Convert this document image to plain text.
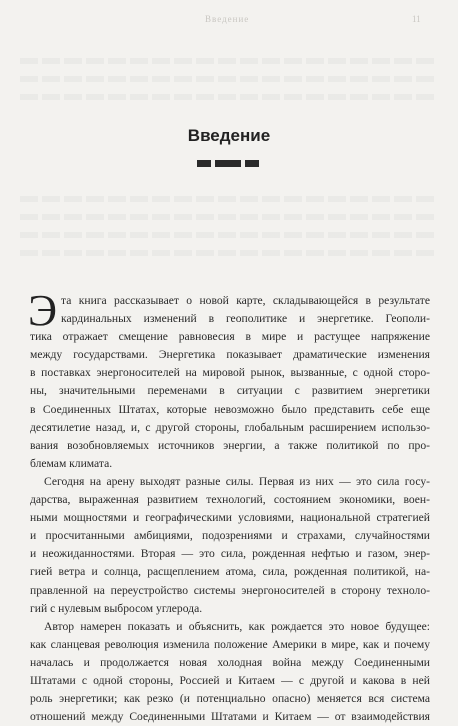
Введение	11
Введение
Э та книга рассказывает о новой карте, складывающейся в результате
кардинальных изменений в геополитике и энергетике. Геополи-
тика отражает смещение равновесия в мире и растущее напряжение
между государствами. Энергетика показывает драматические изменения
в поставках энергоносителей на мировой рынок, вызванные, с одной сторо-
ны, значительными переменами в ситуации с развитием энергетики
в Соединенных Штатах, которые невозможно было представить себе еще
десятилетие назад, и, с другой стороны, глобальным расширением использо-
вания возобновляемых источников энергии, а также политикой по про-
блемам климата.
Сегодня на арену выходят разные силы. Первая из них — это сила госу-
дарства, выраженная развитием технологий, состоянием экономики, воен-
ными мощностями и географическими условиями, национальной стратегией
и просчитанными амбициями, подозрениями и страхами, случайностями
и неожиданностями. Вторая — это сила, рожденная нефтью и газом, энер-
гией ветра и солнца, расщеплением атома, сила, рожденная политикой, на-
правленной на переустройство системы энергоносителей в сторону техноло-
гий с нулевым выбросом углерода.
Автор намерен показать и объяснить, как рождается это новое будущее:
как сланцевая революция изменила положение Америки в мире, как и почему
началась и продолжается новая холодная война между Соединенными
Штатами с одной стороны, Россией и Китаем — с другой и какова в ней
роль энергетики; как резко (и потенциально опасно) меняется вся система
отношений между Соединенными Штатами и Китаем — от взаимодействия
